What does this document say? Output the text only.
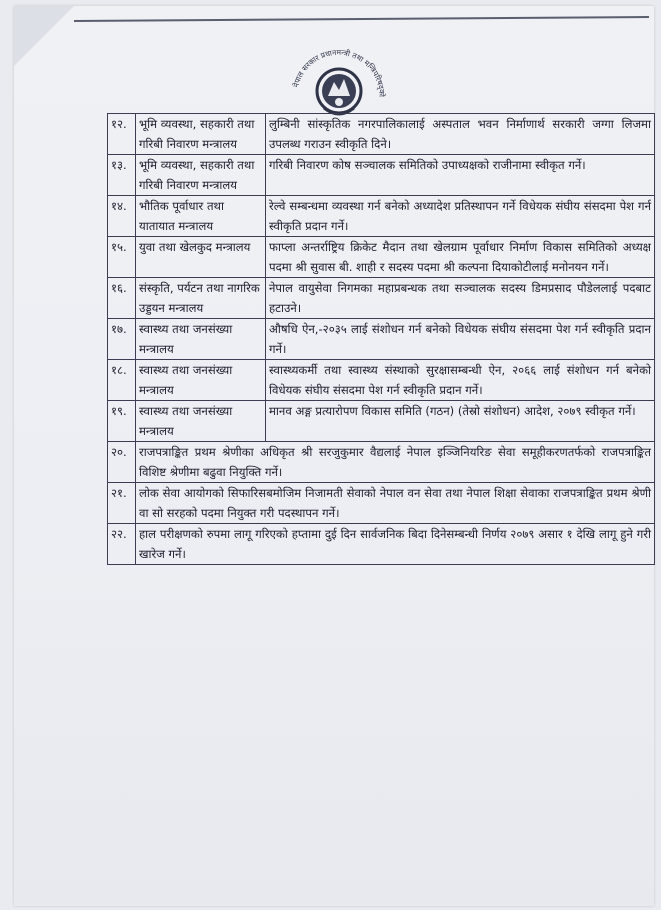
नेपाल सरकार प्रधानमन्त्री तथा मन्त्रिपरिषद्को
१२.	भूमि व्यवस्था, सहकारी तथा गरिबी निवारण मन्त्रालय	लुम्बिनी सांस्कृतिक नगरपालिकालाई अस्पताल भवन निर्माणार्थ सरकारी जग्गा लिजमा उपलब्ध गराउन स्वीकृति दिने।
१३.	भूमि व्यवस्था, सहकारी तथा गरिबी निवारण मन्त्रालय	गरिबी निवारण कोष सञ्चालक समितिको उपाध्यक्षको राजीनामा स्वीकृत गर्ने।
१४.	भौतिक पूर्वाधार तथा यातायात मन्त्रालय	रेल्वे सम्बन्धमा व्यवस्था गर्न बनेको अध्यादेश प्रतिस्थापन गर्ने विधेयक संघीय संसदमा पेश गर्न स्वीकृति प्रदान गर्ने।
१५.	युवा तथा खेलकुद मन्त्रालय	फाप्ला अन्तर्राष्ट्रिय क्रिकेट मैदान तथा खेलग्राम पूर्वाधार निर्माण विकास समितिको अध्यक्ष पदमा श्री सुवास बी. शाही र सदस्य पदमा श्री कल्पना दियाकोटीलाई मनोनयन गर्ने।
१६.	संस्कृति, पर्यटन तथा नागरिक उड्डयन मन्त्रालय	नेपाल वायुसेवा निगमका महाप्रबन्धक तथा सञ्चालक सदस्य डिमप्रसाद पौडेललाई पदबाट हटाउने।
१७.	स्वास्थ्य तथा जनसंख्या मन्त्रालय	औषधि ऐन,-२०३५ लाई संशोधन गर्न बनेको विधेयक संघीय संसदमा पेश गर्न स्वीकृति प्रदान गर्ने।
१८.	स्वास्थ्य तथा जनसंख्या मन्त्रालय	स्वास्थ्यकर्मी तथा स्वास्थ्य संस्थाको सुरक्षासम्बन्धी ऐन, २०६६ लाई संशोधन गर्न बनेको विधेयक संघीय संसदमा पेश गर्न स्वीकृति प्रदान गर्ने।
१९.	स्वास्थ्य तथा जनसंख्या मन्त्रालय	मानव अङ्ग प्रत्यारोपण विकास समिति (गठन) (तेस्रो संशोधन) आदेश, २०७९ स्वीकृत गर्ने।
२०.	राजपत्राङ्कित प्रथम श्रेणीका अधिकृत श्री सरजुकुमार वैद्यलाई नेपाल इञ्जिनियरिङ सेवा समूहीकरणतर्फको राजपत्राङ्कित विशिष्ट श्रेणीमा बढुवा नियुक्ति गर्ने।	
२१.	लोक सेवा आयोगको सिफारिसबमोजिम निजामती सेवाको नेपाल वन सेवा तथा नेपाल शिक्षा सेवाका राजपत्राङ्कित प्रथम श्रेणी वा सो सरहको पदमा नियुक्त गरी पदस्थापन गर्ने।	
२२.	हाल परीक्षणको रुपमा लागू गरिएको हप्तामा दुई दिन सार्वजनिक बिदा दिनेसम्बन्धी निर्णय २०७९ असार १ देखि लागू हुने गरी खारेज गर्ने।	
